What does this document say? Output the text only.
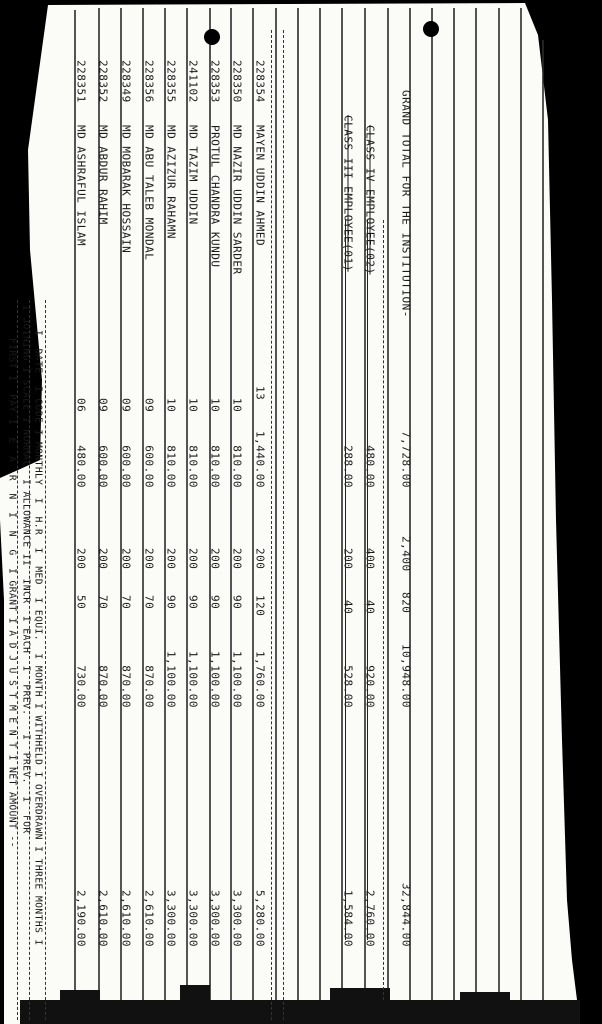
FIRST I  PAY I  E  A  R  N  I  N  G  I GRANT I A D J U S T M E N T I NET AMOUNT -- I JOINING I SCALE I NORMAL  I ALLOWANCE II  INCR  I EACH  I  PREV.   I  PREV.  I  FOR I  DATE  I CODE I MONTHLY  I  H.R  I  MED  I EQUI.  I MONTH I WITHHELD I OVERDRAWN I THREE MONTHS I
228351
MD ASHRAFUL ISLAM
06
480.00
200
50
730.00
2,190.00
228352
MD ABDUR RAHIM
09
600.00
200
70
870.00
2,610.00
228349
MD MOBARAK HOSSAIN
09
600.00
200
70
870.00
2,610.00
228356
MD ABU TALEB MONDAL
09
600.00
200
70
870.00
2,610.00
228355
MD AZIZUR RAHAMN
10
810.00
200
90
1,100.00
3,300.00
241102
MD TAZIM UDDIN
10
810.00
200
90
1,100.00
3,300.00
228353
PROTUL CHANDRA KUNDU
10
810.00
200
90
1,100.00
3,300.00
228350
MD NAZIR UDDIN SARDER
10
810.00
200
90
1,100.00
3,300.00
228354
MAYEN UDDIN AHMED
13
1,440.00
200
120
1,760.00
5,280.00
CLASS III EMPLOYEE(01)
288.00
200
40
528.00
1,584.00
CLASS IV EMPLOYEE(02)
480.00
400
40
920.00
2,760.00
GRAND TOTAL FOR THE INSTITUTION-
7,728.00
2,400
820
10,948.00
32,844.00
